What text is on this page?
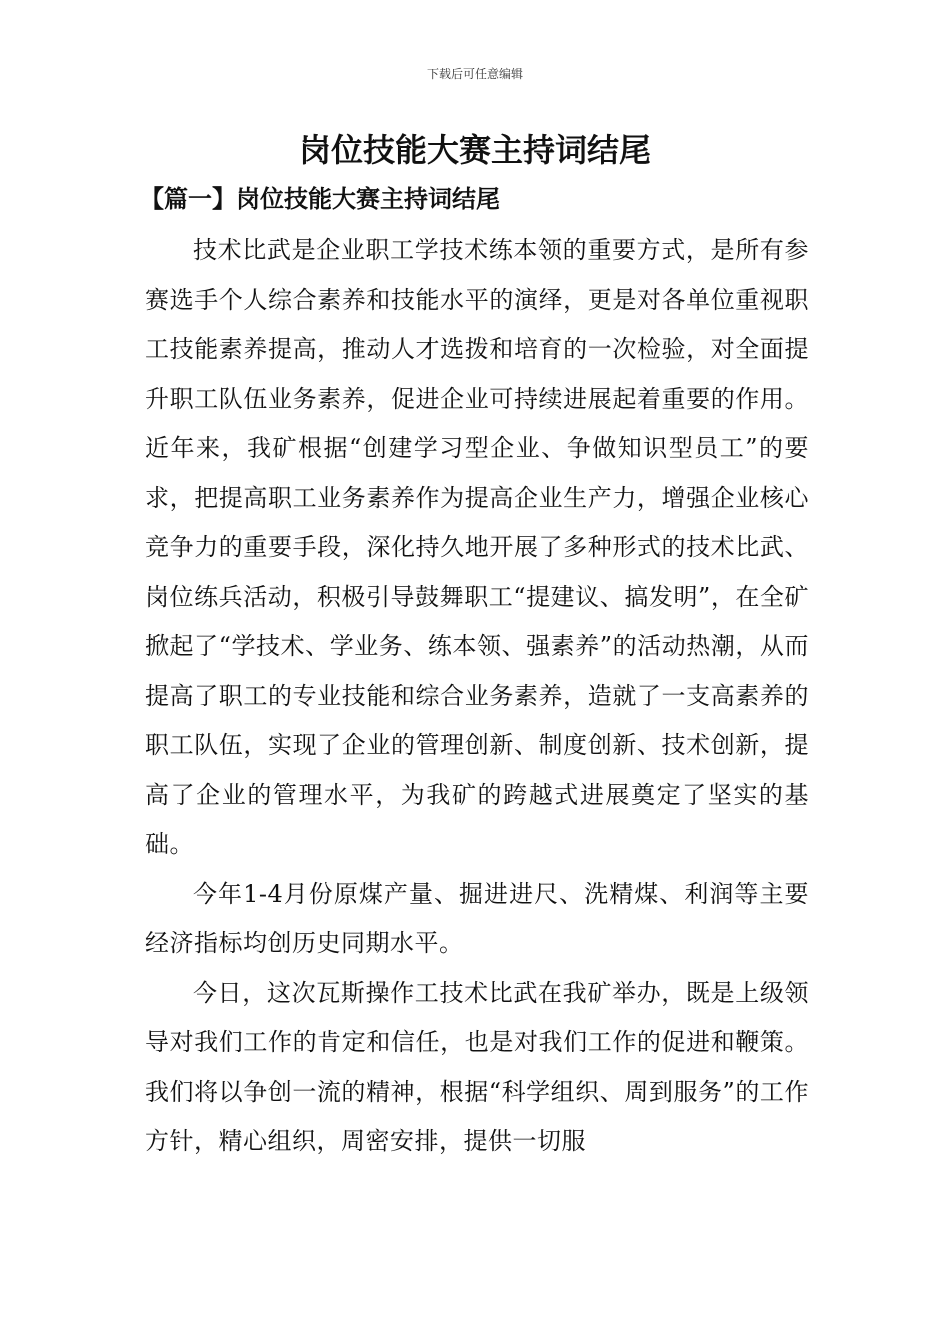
下载后可任意编辑
岗位技能大赛主持词结尾
【篇一】岗位技能大赛主持词结尾

技术比武是企业职工学技术练本领的重要方式，是所有参赛选手个人综合素养和技能水平的演绎，更是对各单位重视职工技能素养提高，推动人才选拨和培育的一次检验，对全面提升职工队伍业务素养，促进企业可持续进展起着重要的作用。近年来，我矿根据“创建学习型企业、争做知识型员工”的要求，把提高职工业务素养作为提高企业生产力，增强企业核心竞争力的重要手段，深化持久地开展了多种形式的技术比武、岗位练兵活动，积极引导鼓舞职工“提建议、搞发明”，在全矿掀起了“学技术、学业务、练本领、强素养”的活动热潮，从而提高了职工的专业技能和综合业务素养，造就了一支高素养的职工队伍，实现了企业的管理创新、制度创新、技术创新，提高了企业的管理水平，为我矿的跨越式进展奠定了坚实的基础。

今年1-4月份原煤产量、掘进进尺、洗精煤、利润等主要经济指标均创历史同期水平。

今日，这次瓦斯操作工技术比武在我矿举办，既是上级领导对我们工作的肯定和信任，也是对我们工作的促进和鞭策。我们将以争创一流的精神，根据“科学组织、周到服务”的工作方针，精心组织，周密安排，提供一切服
